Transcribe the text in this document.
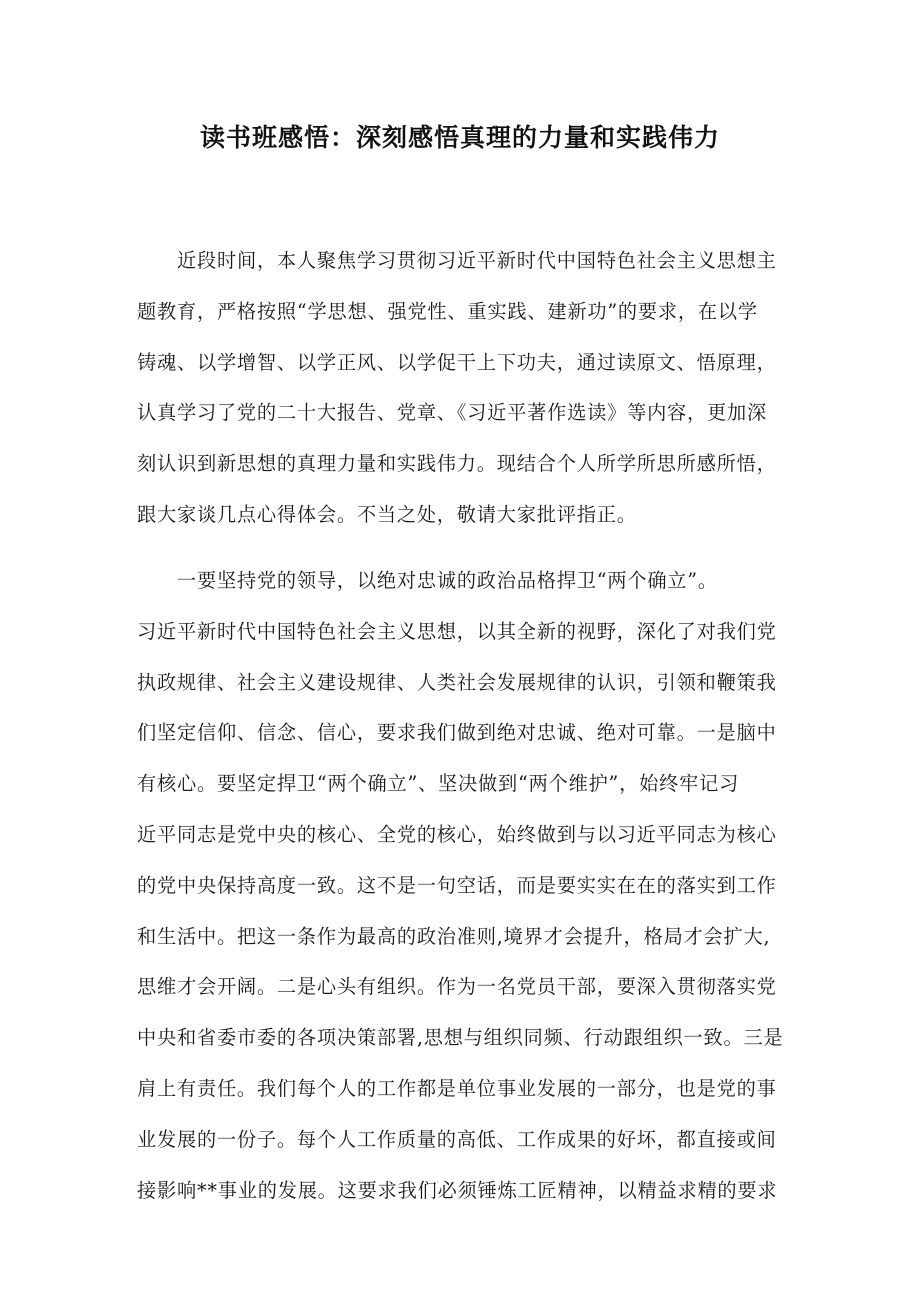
读书班感悟：深刻感悟真理的力量和实践伟力
近段时间，本人聚焦学习贯彻习近平新时代中国特色社会主义思想主
题教育，严格按照“学思想、强党性、重实践、建新功”的要求，在以学
铸魂、以学增智、以学正风、以学促干上下功夫，通过读原文、悟原理，
认真学习了党的二十大报告、党章、《习近平著作选读》等内容，更加深
刻认识到新思想的真理力量和实践伟力。现结合个人所学所思所感所悟，
跟大家谈几点心得体会。不当之处，敬请大家批评指正。
一要坚持党的领导，以绝对忠诚的政治品格捍卫“两个确立”。
习近平新时代中国特色社会主义思想，以其全新的视野，深化了对我们党
执政规律、社会主义建设规律、人类社会发展规律的认识，引领和鞭策我
们坚定信仰、信念、信心，要求我们做到绝对忠诚、绝对可靠。一是脑中
有核心。要坚定捍卫“两个确立”、坚决做到“两个维护”，始终牢记习
近平同志是党中央的核心、全党的核心，始终做到与以习近平同志为核心
的党中央保持高度一致。这不是一句空话，而是要实实在在的落实到工作
和生活中。把这一条作为最高的政治准则,境界才会提升，格局才会扩大,
思维才会开阔。二是心头有组织。作为一名党员干部，要深入贯彻落实党
中央和省委市委的各项决策部署,思想与组织同频、行动跟组织一致。三是
肩上有责任。我们每个人的工作都是单位事业发展的一部分，也是党的事
业发展的一份子。每个人工作质量的高低、工作成果的好坏，都直接或间
接影响**事业的发展。这要求我们必须锤炼工匠精神，以精益求精的要求
